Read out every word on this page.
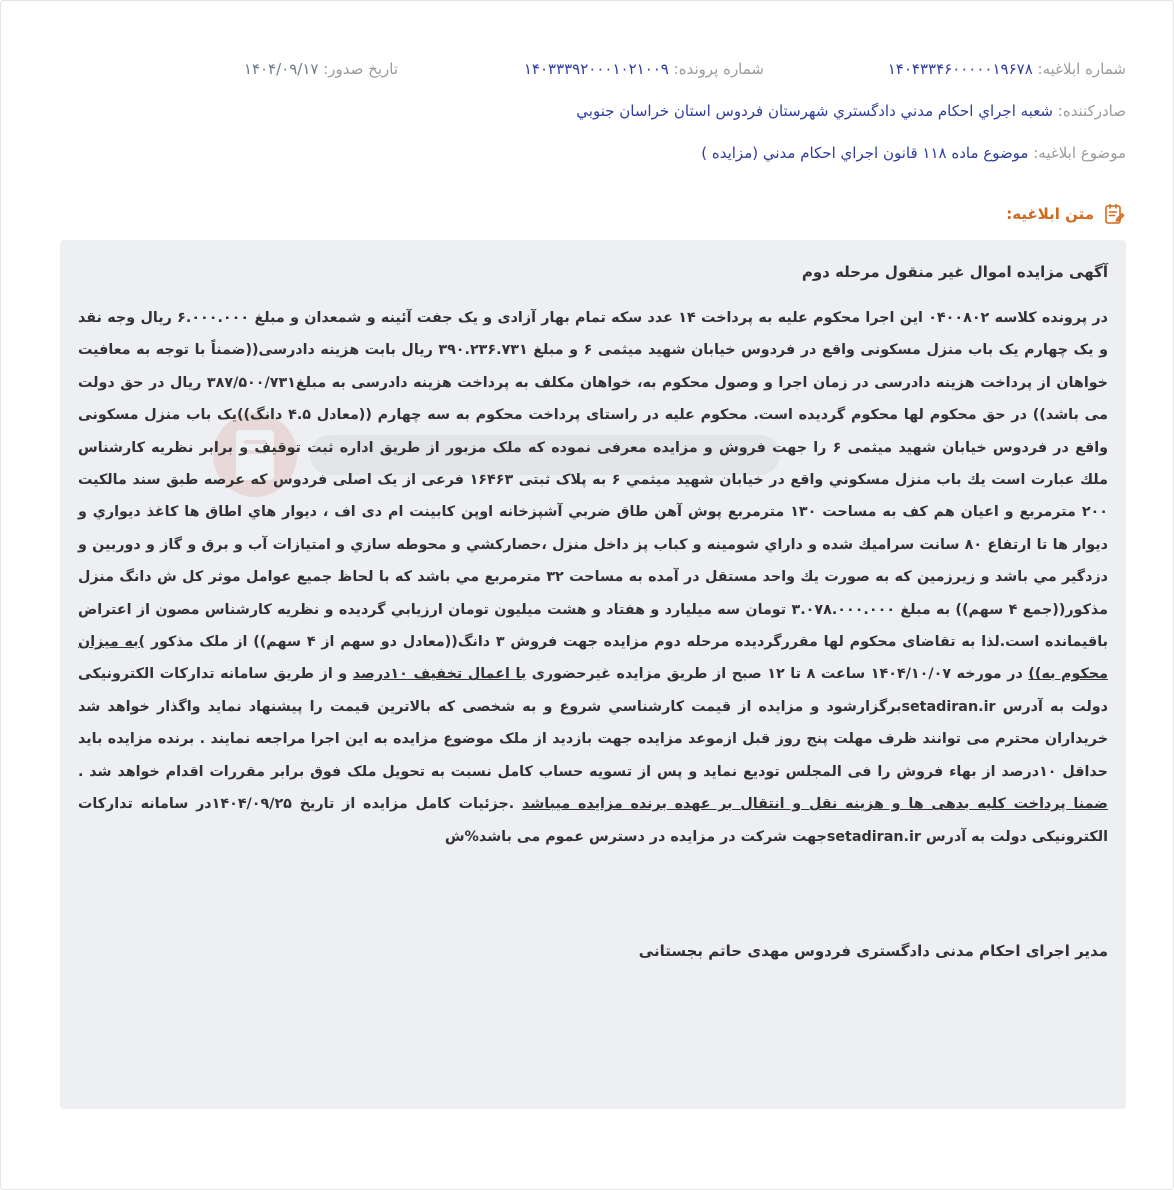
شماره ابلاغیه: ۱۴۰۴۳۳۴۶۰۰۰۰۰۱۹۶۷۸
شماره پرونده: ۱۴۰۳۳۳۹۲۰۰۰۱۰۲۱۰۰۹
تاریخ صدور: ۱۴۰۴/۰۹/۱۷
صادرکننده: شعبه اجراي احكام مدني دادگستري شهرستان فردوس استان خراسان جنوبي
موضوع ابلاغیه: موضوع ماده ۱۱۸ قانون اجراي احكام مدني (مزايده )
متن ابلاغیه:
آگهی مزایده اموال غیر منقول مرحله دوم

در پرونده کلاسه ۰۴۰۰۸۰۲ این اجرا محکوم علیه به پرداخت ۱۴ عدد سکه تمام بهار آزادی و یک جفت آئینه و شمعدان و مبلغ ۶.۰۰۰.۰۰۰ ریال وجه نقد و یک چهارم یک باب منزل مسکونی واقع در فردوس خیابان شهید میثمی ۶ و مبلغ ۳۹۰.۲۳۶.۷۳۱ ریال بابت هزینه دادرسی((ضمناً با توجه به معافیت خواهان از پرداخت هزینه دادرسی در زمان اجرا و وصول محکوم به، خواهان مکلف به پرداخت هزینه دادرسی به مبلغ۳۸۷/۵۰۰/۷۳۱ ریال در حق دولت می باشد)) در حق محکوم لها محکوم گردیده است. محکوم علیه در راستای پرداخت محکوم به سه چهارم ((معادل ۴.۵ دانگ))یک باب منزل مسکونی واقع در فردوس خیابان شهید میثمی ۶ را جهت فروش و مزایده معرفی نموده که ملک مزبور از طریق اداره ثبت توقیف و برابر نظریه کارشناس ملك عبارت است يك باب منزل مسكوني واقع در خيابان شهيد ميثمي ۶ به پلاک ثبتی ۱۶۴۶۳ فرعی از یک اصلی فردوس که عرصه طبق سند مالكيت ۲۰۰ مترمربع و اعيان هم كف به مساحت ۱۳۰ مترمربع پوش آهن طاق ضربي آشپزخانه اوپن كابينت ام دی اف ، ديوار هاي اطاق ها كاغذ ديواري و ديوار ها تا ارتفاع ۸۰ سانت سراميك شده و داراي شومينه و كباب پز داخل منزل ،حصاركشي و محوطه سازي و امتيازات آب و برق و گاز و دوربين و دزدگير مي باشد و زيرزمين كه به صورت يك واحد مستقل در آمده به مساحت ۳۲ مترمربع مي باشد كه با لحاظ جميع عوامل موثر كل ش دانگ منزل مذكور((جمع ۴ سهم)) به مبلغ ۳.۰۷۸.۰۰۰.۰۰۰ تومان سه میلیارد و هفتاد و هشت میلیون تومان ارزيابي گرديده و نظريه كارشناس مصون از اعتراض باقیمانده است.لذا به تقاضای محکوم لها مقررگردیده مرحله دوم مزایده جهت فروش ۳ دانگ((معادل دو سهم از ۴ سهم)) از ملک مذکور )به میزان محکوم به)) در مورخه ۱۴۰۴/۱۰/۰۷ ساعت ۸ تا ۱۲ صبح از طریق مزایده غیرحضوری با اعمال تخفیف ۱۰درصد و از طریق سامانه تدارکات الکترونیکی دولت به آدرس setadiran.irبرگزارشود و مزایده از قیمت کارشناسي شروع و به شخصی که بالاترین قیمت را پیشنهاد نماید واگذار خواهد شد خریداران محترم می توانند ظرف مهلت پنج روز قبل ازموعد مزایده جهت بازدید از ملک موضوع مزایده به این اجرا مراجعه نمایند . برنده مزایده باید حداقل ۱۰درصد از بهاء فروش را فی المجلس تودیع نماید و پس از تسویه حساب کامل نسبت به تحویل ملک فوق برابر مقررات اقدام خواهد شد . ضمنا پرداخت کلیه بدهی ها و هزینه نقل و انتقال بر عهده برنده مزایده میباشد .جزئیات کامل مزایده از تاریخ ۱۴۰۴/۰۹/۲۵در سامانه تدارکات الکترونیکی دولت به آدرس setadiran.irجهت شرکت در مزایده در دسترس عموم می باشد%ش

مدیر اجرای احکام مدنی دادگستری فردوس مهدی حاتم بجستانی
